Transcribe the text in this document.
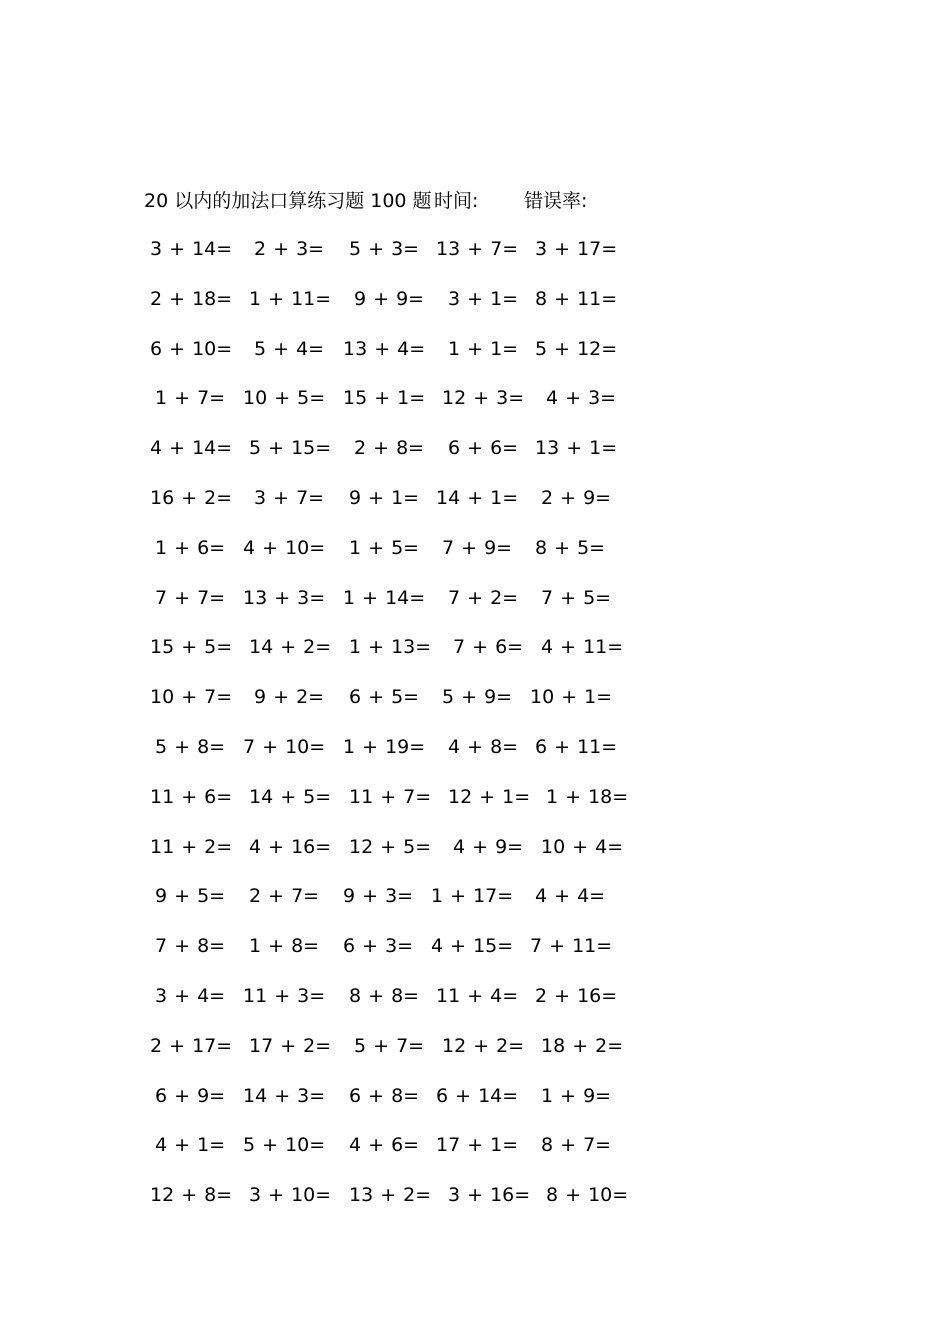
20 以内的加法口算练习题 100 题 时间: 错误率:
3 + 14= 2 + 3= 5 + 3= 13 + 7= 3 + 17=
2 + 18= 1 + 11= 9 + 9= 3 + 1= 8 + 11=
6 + 10= 5 + 4= 13 + 4= 1 + 1= 5 + 12=
1 + 7= 10 + 5= 15 + 1= 12 + 3= 4 + 3=
4 + 14= 5 + 15= 2 + 8= 6 + 6= 13 + 1=
16 + 2= 3 + 7= 9 + 1= 14 + 1= 2 + 9=
1 + 6= 4 + 10= 1 + 5= 7 + 9= 8 + 5=
7 + 7= 13 + 3= 1 + 14= 7 + 2= 7 + 5=
15 + 5= 14 + 2= 1 + 13= 7 + 6= 4 + 11=
10 + 7= 9 + 2= 6 + 5= 5 + 9= 10 + 1=
5 + 8= 7 + 10= 1 + 19= 4 + 8= 6 + 11=
11 + 6= 14 + 5= 11 + 7= 12 + 1= 1 + 18=
11 + 2= 4 + 16= 12 + 5= 4 + 9= 10 + 4=
9 + 5= 2 + 7= 9 + 3= 1 + 17= 4 + 4=
7 + 8= 1 + 8= 6 + 3= 4 + 15= 7 + 11=
3 + 4= 11 + 3= 8 + 8= 11 + 4= 2 + 16=
2 + 17= 17 + 2= 5 + 7= 12 + 2= 18 + 2=
6 + 9= 14 + 3= 6 + 8= 6 + 14= 1 + 9=
4 + 1= 5 + 10= 4 + 6= 17 + 1= 8 + 7=
12 + 8= 3 + 10= 13 + 2= 3 + 16= 8 + 10=
